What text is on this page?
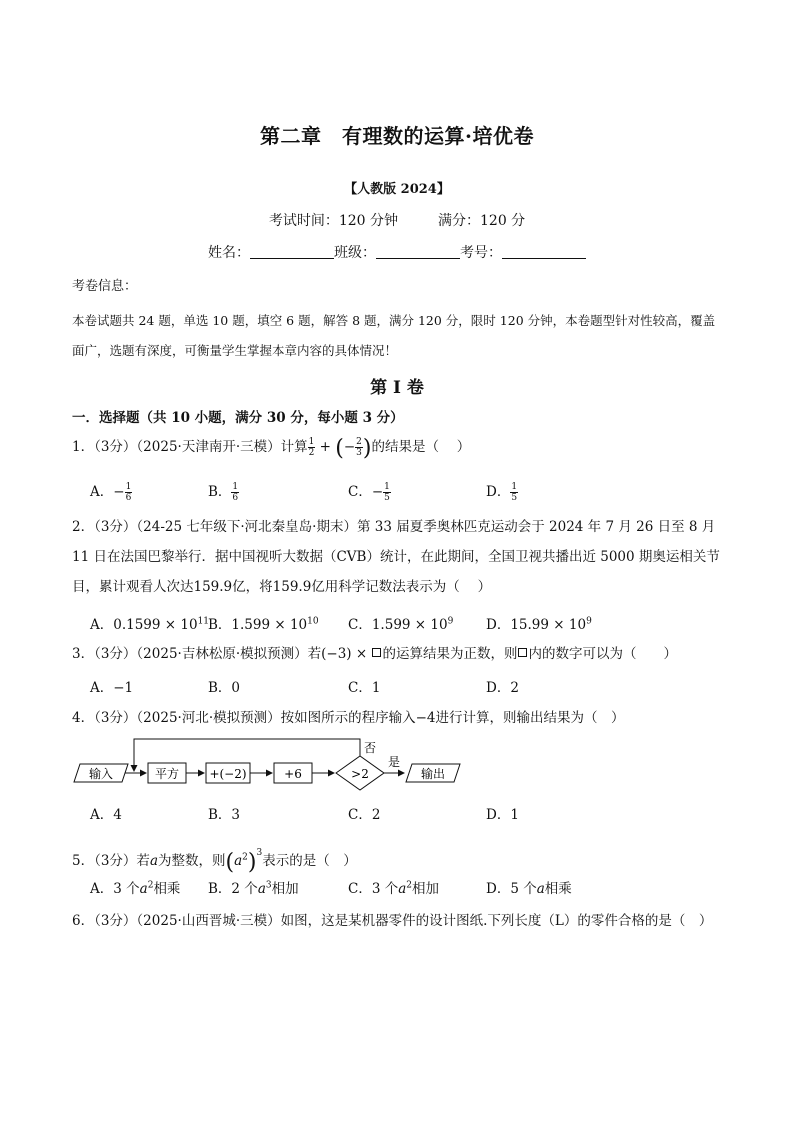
第二章　有理数的运算·培优卷
【人教版 2024】
考试时间：120 分钟	满分：120 分
姓名：	班级：	考号：
考卷信息：
本卷试题共 24 题，单选 10 题，填空 6 题，解答 8 题，满分 120 分，限时 120 分钟，本卷题型针对性较高，覆盖面广，选题有深度，可衡量学生掌握本章内容的具体情况！
第 I 卷
一．选择题（共 10 小题，满分 30 分，每小题 3 分）
1．（3分）（2025·天津南开·三模）计算 $\frac{1}{2}$ + (− $\frac{2}{3}$ )的结果是（　 ）
A．− $\frac{1}{6}$	B． $\frac{1}{6}$	C．− $\frac{1}{5}$	D． $\frac{1}{5}$
2．（3分）（24-25 七年级下·河北秦皇岛·期末）第 33 届夏季奥林匹克运动会于 2024 年 7 月 26 日至 8 月 11 日在法国巴黎举行．据中国视听大数据（CVB）统计，在此期间，全国卫视共播出近 5000 期奥运相关节目，累计观看人次达159.9亿，将159.9亿用科学记数法表示为（　 ）
A．$0.1599 \times 10^{11}$
B．$1.599 \times 10^{10}$ C．$1.599 \times 10^9$ D．$15.99 \times 10^9$
3．（3分）（2025·吉林松原·模拟预测）若(−3) × 的运算结果为正数，则 内的数字可以为（　　）
A．−1	B．0	C．1	D．2
4．（3分）（2025·河北·模拟预测）按如图所示的程序输入−4进行计算，则输出结果为（　）
输入	平方	+(−2)	+6	>2
否
是
输出
A．4	B．3	C．2	D．1
5．（3分）若a为整数，则$(a^2)^3$表示的是（　）
A．3 个$a^2$相乘 B．2 个$a^3$相加	C．3 个$a^2$相加	D．5 个a相乘
6．（3分）（2025·山西晋城·三模）如图，这是某机器零件的设计图纸.下列长度（L）的零件合格的是（　）
